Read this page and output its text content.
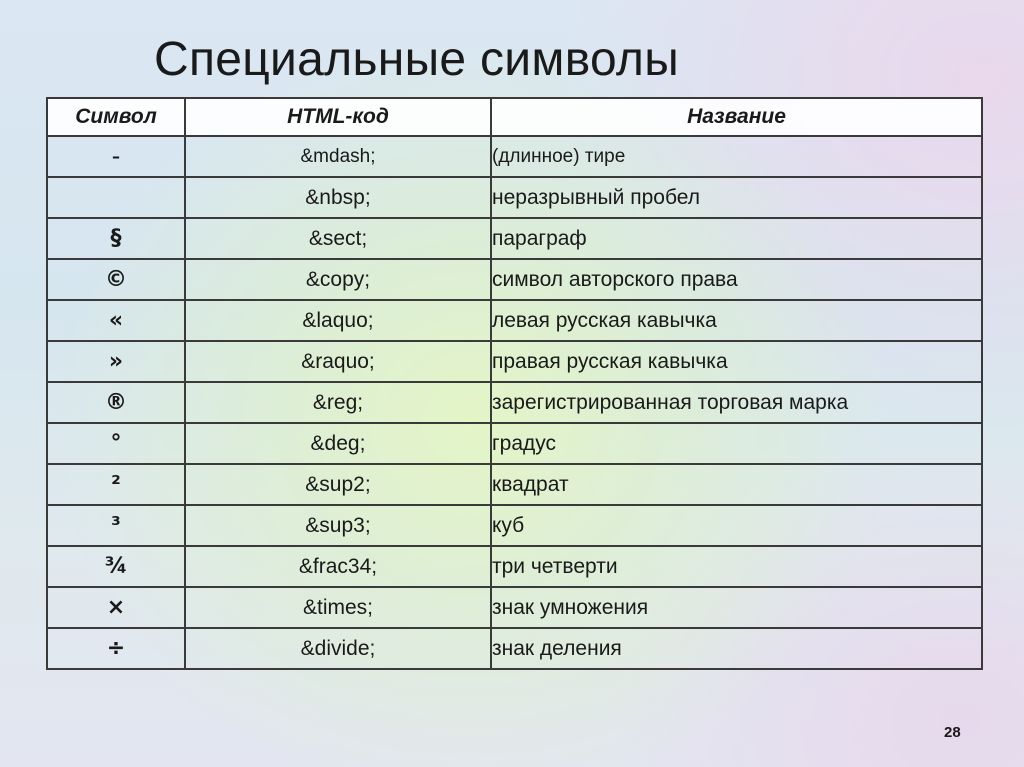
Специальные символы
Символ	HTML-код	Название
–	&mdash;	(длинное) тире
	&nbsp;	неразрывный пробел
§	&sect;	параграф
©	&copy;	символ авторского права
«	&laquo;	левая русская кавычка
»	&raquo;	правая русская кавычка
®	&reg;	зарегистрированная торговая марка
°	&deg;	градус
²	&sup2;	квадрат
³	&sup3;	куб
¾	&frac34;	три четверти
×	&times;	знак умножения
÷	&divide;	знак деления
28
